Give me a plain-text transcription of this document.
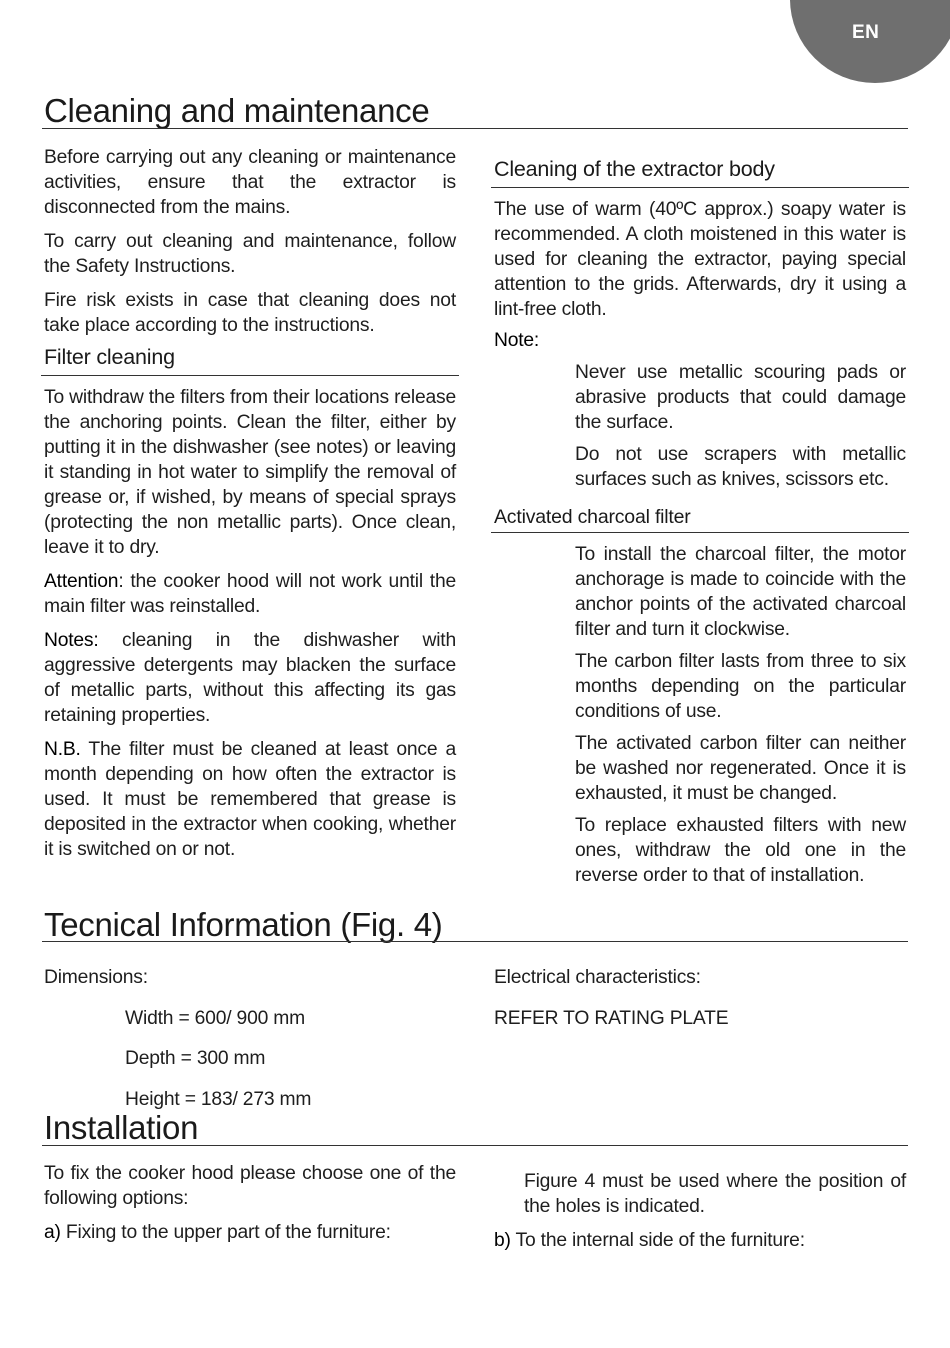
EN
Cleaning and maintenance

Before carrying out any cleaning or maintenance activities, ensure that the extractor is disconnected from the mains.

To carry out cleaning and maintenance, follow the Safety Instructions.

Fire risk exists in case that cleaning does not take place according to the instructions.

Filter cleaning

To withdraw the filters from their locations release the anchoring points. Clean the filter, either by putting it in the dishwasher (see notes) or leaving it standing in hot water to simplify the removal of grease or, if wished, by means of special sprays (protecting the non metallic parts). Once clean, leave it to dry.

Attention: the cooker hood will not work until the main filter was reinstalled.

Notes: cleaning in the dishwasher with aggressive detergents may blacken the surface of metallic parts, without this affecting its gas retaining properties.

N.B. The filter must be cleaned at least once a month depending on how often the extractor is used. It must be remembered that grease is deposited in the extractor when cooking, whether it is switched on or not.

Cleaning of the extractor body

The use of warm (40ºC approx.) soapy water is recommended. A cloth moistened in this water is used for cleaning the extractor, paying special attention to the grids. Afterwards, dry it using a lint-free cloth.

Note:

Never use metallic scouring pads or abrasive products that could damage the surface.

Do not use scrapers with metallic surfaces such as knives, scissors etc.

Activated charcoal filter

To install the charcoal filter, the motor anchorage is made to coincide with the anchor points of the activated charcoal filter and turn it clockwise.

The carbon filter lasts from three to six months depending on the particular conditions of use.

The activated carbon filter can neither be washed nor regenerated. Once it is exhausted, it must be changed.

To replace exhausted filters with new ones, withdraw the old one in the reverse order to that of installation.

Tecnical Information (Fig. 4)

Dimensions:

Width = 600/ 900 mm

Depth = 300 mm

Height = 183/ 273 mm

Electrical characteristics:

REFER TO RATING PLATE

Installation

To fix the cooker hood please choose one of the following options:

a) Fixing to the upper part of the furniture:

Figure 4 must be used where the position of the holes is indicated.

b) To the internal side of the furniture:
